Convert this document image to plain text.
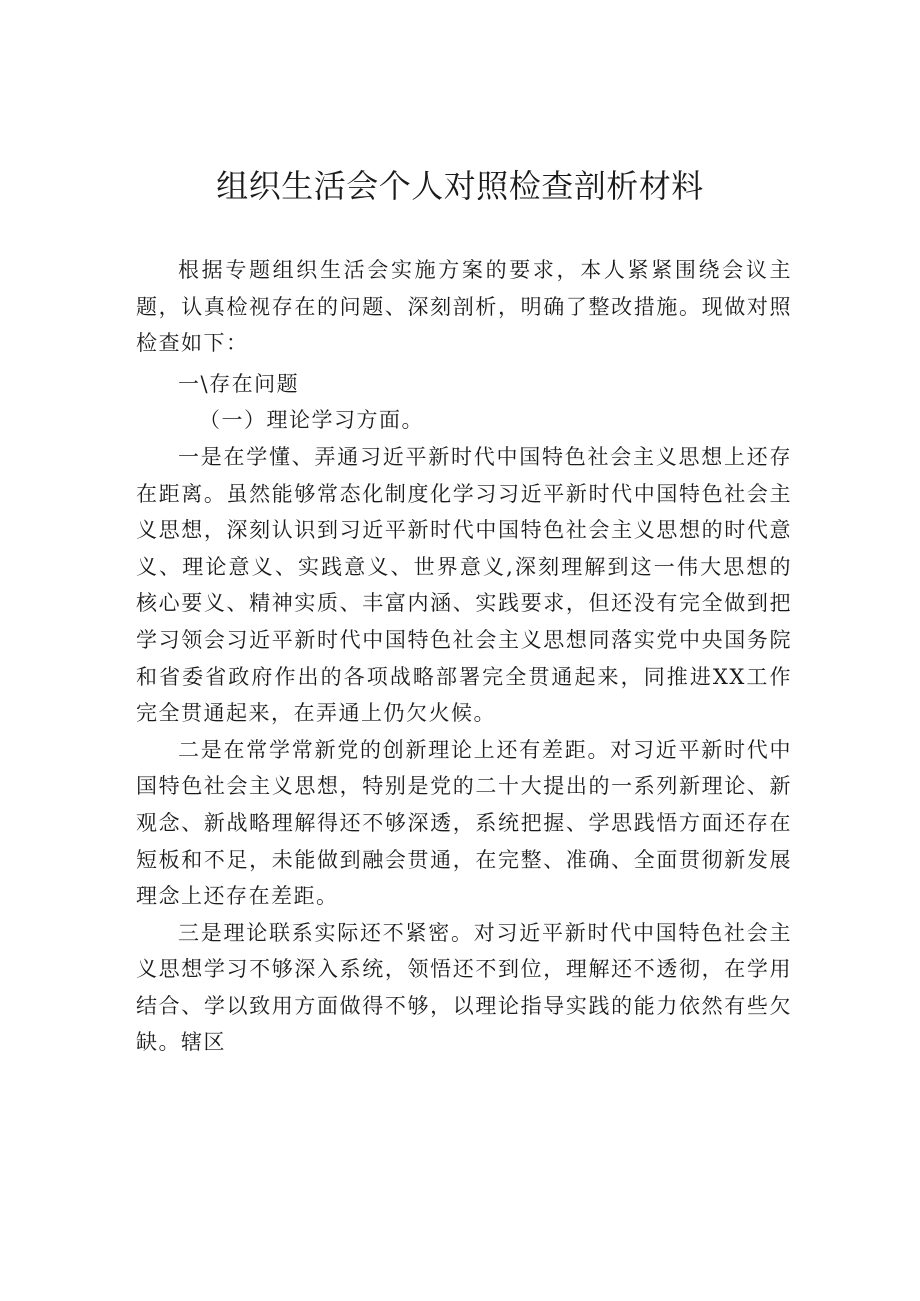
组织生活会个人对照检查剖析材料

根据专题组织生活会实施方案的要求，本人紧紧围绕会议主题，认真检视存在的问题、深刻剖析，明确了整改措施。现做对照检查如下：

一\存在问题

（一）理论学习方面。

一是在学懂、弄通习近平新时代中国特色社会主义思想上还存在距离。虽然能够常态化制度化学习习近平新时代中国特色社会主义思想，深刻认识到习近平新时代中国特色社会主义思想的时代意义、理论意义、实践意义、世界意义,深刻理解到这一伟大思想的核心要义、精神实质、丰富内涵、实践要求，但还没有完全做到把学习领会习近平新时代中国特色社会主义思想同落实党中央国务院和省委省政府作出的各项战略部署完全贯通起来，同推进XX工作完全贯通起来，在弄通上仍欠火候。

二是在常学常新党的创新理论上还有差距。对习近平新时代中国特色社会主义思想，特别是党的二十大提出的一系列新理论、新观念、新战略理解得还不够深透，系统把握、学思践悟方面还存在短板和不足，未能做到融会贯通，在完整、准确、全面贯彻新发展理念上还存在差距。

三是理论联系实际还不紧密。对习近平新时代中国特色社会主义思想学习不够深入系统，领悟还不到位，理解还不透彻，在学用结合、学以致用方面做得不够，以理论指导实践的能力依然有些欠缺。辖区
